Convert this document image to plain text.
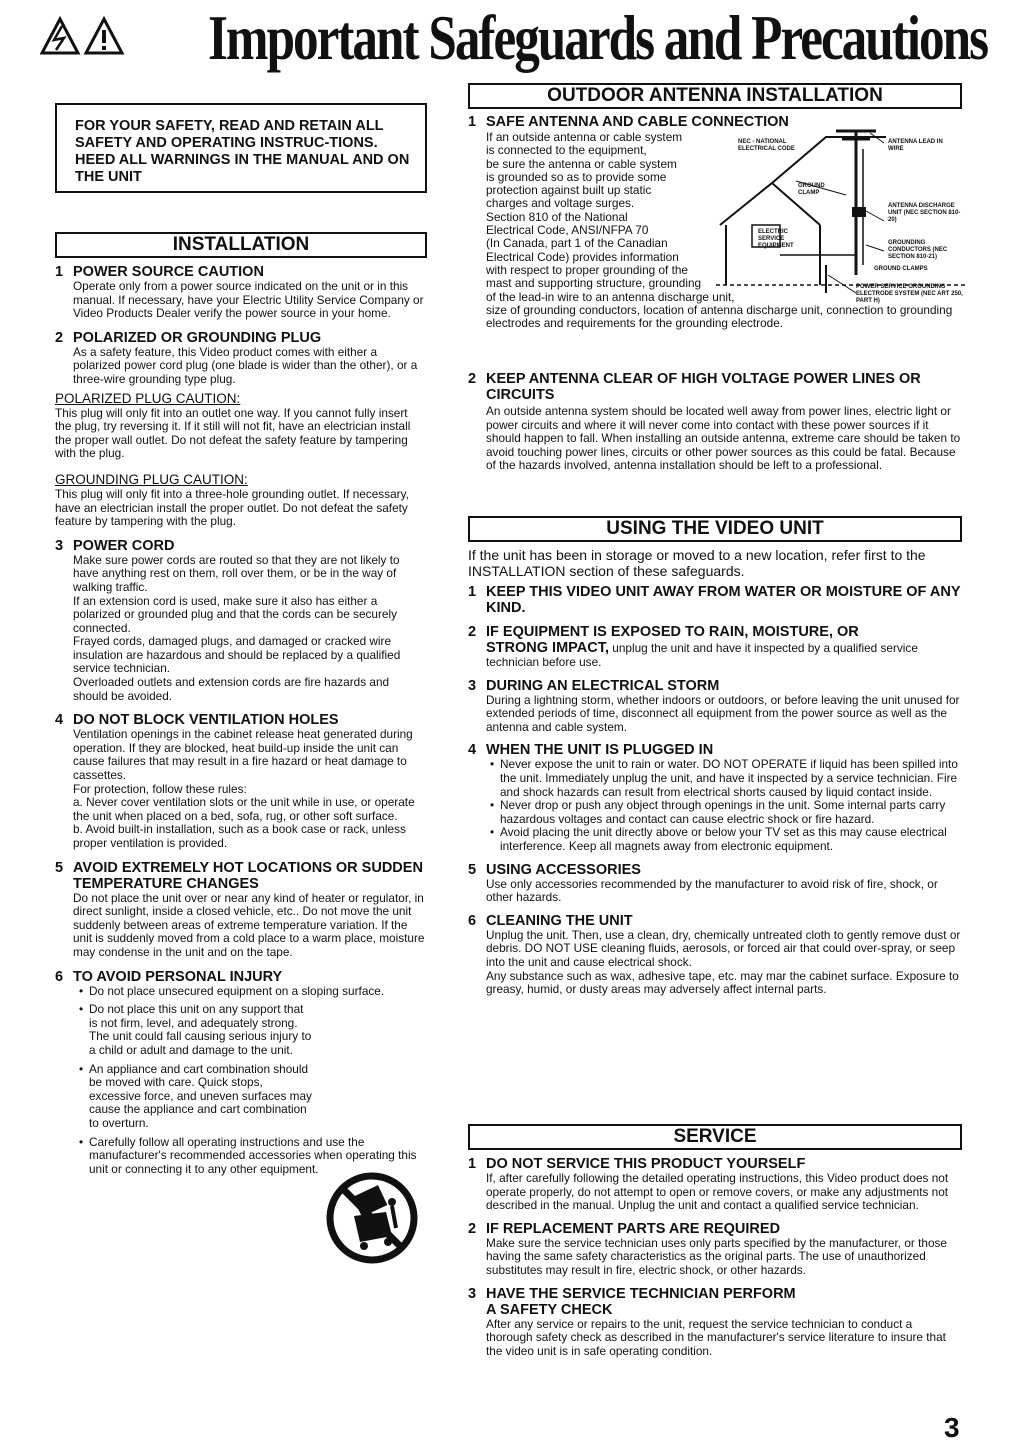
Important Safeguards and Precautions
FOR YOUR SAFETY, READ AND RETAIN ALL SAFETY AND OPERATING INSTRUC-TIONS. HEED ALL WARNINGS IN THE MANUAL AND ON THE UNIT
INSTALLATION
1 POWER SOURCE CAUTION
Operate only from a power source indicated on the unit or in this manual. If necessary, have your Electric Utility Service Company or Video Products Dealer verify the power source in your home.
2 POLARIZED OR GROUNDING PLUG
As a safety feature, this Video product comes with either a polarized power cord plug (one blade is wider than the other), or a three-wire grounding type plug.
POLARIZED PLUG CAUTION:
This plug will only fit into an outlet one way. If you cannot fully insert the plug, try reversing it. If it still will not fit, have an electrician install the proper wall outlet. Do not defeat the safety feature by tampering with the plug.
GROUNDING PLUG CAUTION:
This plug will only fit into a three-hole grounding outlet. If necessary, have an electrician install the proper outlet. Do not defeat the safety feature by tampering with the plug.
3 POWER CORD
Make sure power cords are routed so that they are not likely to have anything rest on them, roll over them, or be in the way of walking traffic.
If an extension cord is used, make sure it also has either a polarized or grounded plug and that the cords can be securely connected.
Frayed cords, damaged plugs, and damaged or cracked wire insulation are hazardous and should be replaced by a qualified service technician.
Overloaded outlets and extension cords are fire hazards and should be avoided.
4 DO NOT BLOCK VENTILATION HOLES
Ventilation openings in the cabinet release heat generated during operation. If they are blocked, heat build-up inside the unit can cause failures that may result in a fire hazard or heat damage to cassettes.
For protection, follow these rules:
a. Never cover ventilation slots or the unit while in use, or operate the unit when placed on a bed, sofa, rug, or other soft surface.
b. Avoid built-in installation, such as a book case or rack, unless proper ventilation is provided.
5 AVOID EXTREMELY HOT LOCATIONS OR SUDDEN TEMPERATURE CHANGES
Do not place the unit over or near any kind of heater or regulator, in direct sunlight, inside a closed vehicle, etc.. Do not move the unit suddenly between areas of extreme temperature variation. If the unit is suddenly moved from a cold place to a warm place, moisture may condense in the unit and on the tape.
6 TO AVOID PERSONAL INJURY
• Do not place unsecured equipment on a sloping surface.
• Do not place this unit on any support that is not firm, level, and adequately strong. The unit could fall causing serious injury to a child or adult and damage to the unit.
• An appliance and cart combination should be moved with care. Quick stops, excessive force, and uneven surfaces may cause the appliance and cart combination to overturn.
• Carefully follow all operating instructions and use the manufacturer's recommended accessories when operating this unit or connecting it to any other equipment.
OUTDOOR ANTENNA INSTALLATION
1 SAFE ANTENNA AND CABLE CONNECTION
If an outside antenna or cable system
is connected to the equipment,
be sure the antenna or cable system
is grounded so as to provide some
protection against built up static
charges and voltage surges.
Section 810 of the National
Electrical Code, ANSI/NFPA 70
(In Canada, part 1 of the Canadian
Electrical Code) provides information
with respect to proper grounding of the
mast and supporting structure, grounding
of the lead-in wire to an antenna discharge unit,
size of grounding conductors, location of antenna discharge unit, connection to grounding electrodes and requirements for the grounding electrode.
NEC - NATIONAL ELECTRICAL CODE
ANTENNA LEAD IN WIRE
GROUND CLAMP
ANTENNA DISCHARGE UNIT (NEC SECTION 810-20)
ELECTRIC SERVICE EQUIPMENT	GROUNDING CONDUCTORS (NEC SECTION 810-21)
GROUND CLAMPS
POWER SERVICE GROUNDING ELECTRODE SYSTEM (NEC ART 250, PART H)
2 KEEP ANTENNA CLEAR OF HIGH VOLTAGE POWER LINES OR CIRCUITS
An outside antenna system should be located well away from power lines, electric light or power circuits and where it will never come into contact with these power sources if it should happen to fall. When installing an outside antenna, extreme care should be taken to avoid touching power lines, circuits or other power sources as this could be fatal. Because of the hazards involved, antenna installation should be left to a professional.
USING THE VIDEO UNIT
If the unit has been in storage or moved to a new location, refer first to the INSTALLATION section of these safeguards.
1 KEEP THIS VIDEO UNIT AWAY FROM WATER OR MOISTURE OF ANY KIND.
2 IF EQUIPMENT IS EXPOSED TO RAIN, MOISTURE, OR
STRONG IMPACT, unplug the unit and have it inspected by a qualified service technician before use.
3 DURING AN ELECTRICAL STORM
During a lightning storm, whether indoors or outdoors, or before leaving the unit unused for extended periods of time, disconnect all equipment from the power source as well as the antenna and cable system.
4 WHEN THE UNIT IS PLUGGED IN
• Never expose the unit to rain or water. DO NOT OPERATE if liquid has been spilled into the unit. Immediately unplug the unit, and have it inspected by a service technician. Fire and shock hazards can result from electrical shorts caused by liquid contact inside.
• Never drop or push any object through openings in the unit. Some internal parts carry hazardous voltages and contact can cause electric shock or fire hazard.
• Avoid placing the unit directly above or below your TV set as this may cause electrical interference. Keep all magnets away from electronic equipment.
5 USING ACCESSORIES
Use only accessories recommended by the manufacturer to avoid risk of fire, shock, or other hazards.
6 CLEANING THE UNIT
Unplug the unit. Then, use a clean, dry, chemically untreated cloth to gently remove dust or debris. DO NOT USE cleaning fluids, aerosols, or forced air that could over-spray, or seep into the unit and cause electrical shock.
Any substance such as wax, adhesive tape, etc. may mar the cabinet surface. Exposure to greasy, humid, or dusty areas may adversely affect internal parts.
SERVICE
1 DO NOT SERVICE THIS PRODUCT YOURSELF
If, after carefully following the detailed operating instructions, this Video product does not operate properly, do not attempt to open or remove covers, or make any adjustments not described in the manual. Unplug the unit and contact a qualified service technician.
2 IF REPLACEMENT PARTS ARE REQUIRED
Make sure the service technician uses only parts specified by the manufacturer, or those having the same safety characteristics as the original parts. The use of unauthorized substitutes may result in fire, electric shock, or other hazards.
3 HAVE THE SERVICE TECHNICIAN PERFORM
A SAFETY CHECK
After any service or repairs to the unit, request the service technician to conduct a thorough safety check as described in the manufacturer's service literature to insure that the video unit is in safe operating condition.
3
